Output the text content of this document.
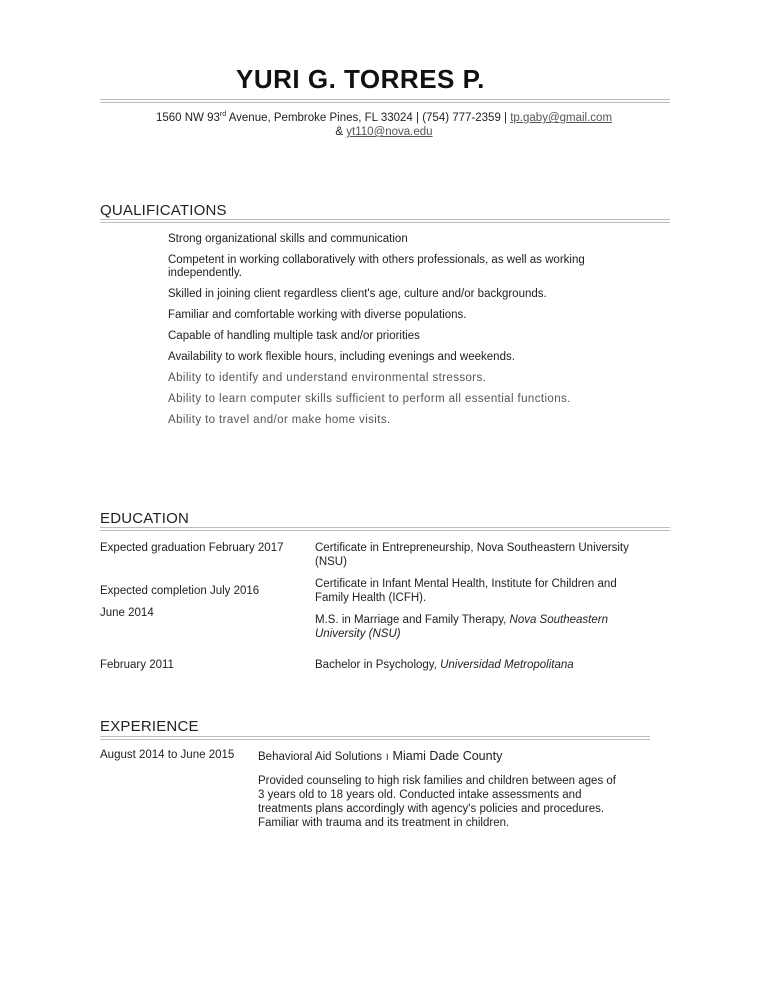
YURI G. TORRES P.
1560 NW 93rd Avenue, Pembroke Pines, FL 33024 | (754) 777-2359 | tp.gaby@gmail.com
& yt110@nova.edu
QUALIFICATIONS
Strong organizational skills and communication
Competent in working collaboratively with others professionals, as well as working independently.
Skilled in joining client regardless client's age, culture and/or backgrounds.
Familiar and comfortable working with diverse populations.
Capable of handling multiple task and/or priorities
Availability to work flexible hours, including evenings and weekends.
Ability to identify and understand environmental stressors.
Ability to learn computer skills sufficient to perform all essential functions.
Ability to travel and/or make home visits.
EDUCATION
Expected graduation February 2017	Certificate in Entrepreneurship, Nova Southeastern University (NSU)
Expected completion July 2016
Certificate in Infant Mental Health, Institute for Children and Family Health (ICFH).
June 2014
M.S. in Marriage and Family Therapy, Nova Southeastern University (NSU)
February 2011	Bachelor in Psychology, Universidad Metropolitana
EXPERIENCE
August 2014 to June 2015 Behavioral Aid Solutions I Miami Dade County
Provided counseling to high risk families and children between ages of 3 years old to 18 years old. Conducted intake assessments and treatments plans accordingly with agency's policies and procedures. Familiar with trauma and its treatment in children.
